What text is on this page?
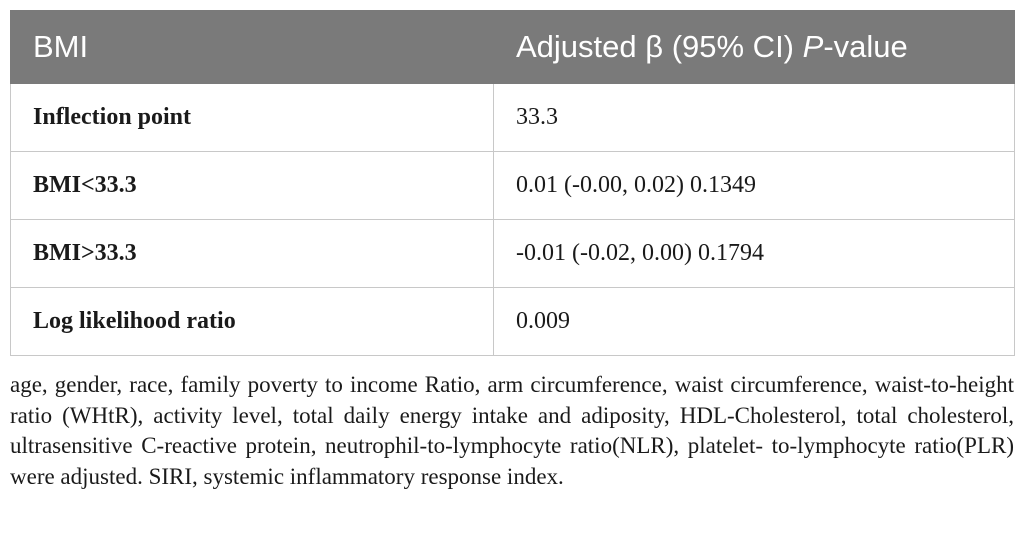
BMI	Adjusted β (95% CI) P-value
Inflection point	33.3
BMI<33.3	0.01 (-0.00, 0.02) 0.1349
BMI>33.3	-0.01 (-0.02, 0.00) 0.1794
Log likelihood ratio	0.009
age, gender, race, family poverty to income Ratio, arm circumference, waist circumference, waist-to-height ratio (WHtR), activity level, total daily energy intake and adiposity, HDL-Cholesterol, total cholesterol, ultrasensitive C-reactive protein, neutrophil-to-lymphocyte ratio(NLR), platelet- to-lymphocyte ratio(PLR) were adjusted. SIRI, systemic inflammatory response index.
